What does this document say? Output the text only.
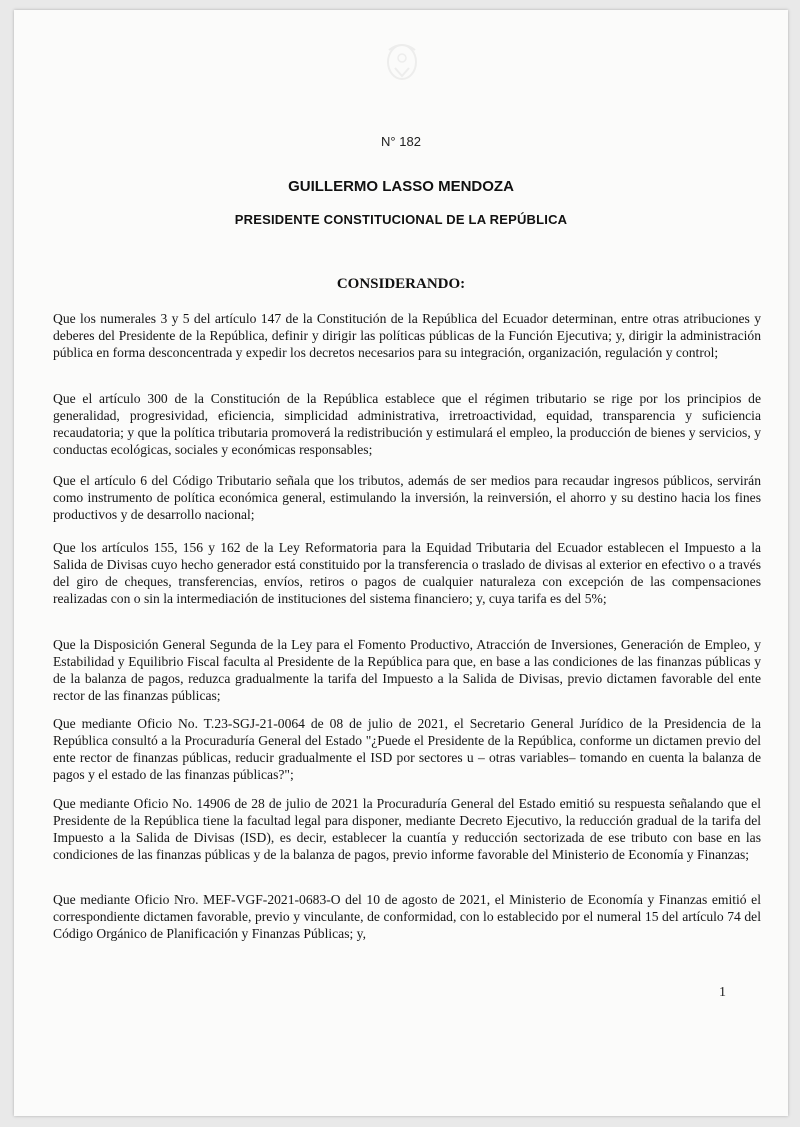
N° 182
GUILLERMO LASSO MENDOZA
PRESIDENTE CONSTITUCIONAL DE LA REPÚBLICA
CONSIDERANDO:

Que los numerales 3 y 5 del artículo 147 de la Constitución de la República del Ecuador determinan, entre otras atribuciones y deberes del Presidente de la República, definir y dirigir las políticas públicas de la Función Ejecutiva; y, dirigir la administración pública en forma desconcentrada y expedir los decretos necesarios para su integración, organización, regulación y control;

Que el artículo 300 de la Constitución de la República establece que el régimen tributario se rige por los principios de generalidad, progresividad, eficiencia, simplicidad administrativa, irretroactividad, equidad, transparencia y suficiencia recaudatoria; y que la política tributaria promoverá la redistribución y estimulará el empleo, la producción de bienes y servicios, y conductas ecológicas, sociales y económicas responsables;

Que el artículo 6 del Código Tributario señala que los tributos, además de ser medios para recaudar ingresos públicos, servirán como instrumento de política económica general, estimulando la inversión, la reinversión, el ahorro y su destino hacia los fines productivos y de desarrollo nacional;

Que los artículos 155, 156 y 162 de la Ley Reformatoria para la Equidad Tributaria del Ecuador establecen el Impuesto a la Salida de Divisas cuyo hecho generador está constituido por la transferencia o traslado de divisas al exterior en efectivo o a través del giro de cheques, transferencias, envíos, retiros o pagos de cualquier naturaleza con excepción de las compensaciones realizadas con o sin la intermediación de instituciones del sistema financiero; y, cuya tarifa es del 5%;

Que la Disposición General Segunda de la Ley para el Fomento Productivo, Atracción de Inversiones, Generación de Empleo, y Estabilidad y Equilibrio Fiscal faculta al Presidente de la República para que, en base a las condiciones de las finanzas públicas y de la balanza de pagos, reduzca gradualmente la tarifa del Impuesto a la Salida de Divisas, previo dictamen favorable del ente rector de las finanzas públicas;

Que mediante Oficio No. T.23-SGJ-21-0064 de 08 de julio de 2021, el Secretario General Jurídico de la Presidencia de la República consultó a la Procuraduría General del Estado "¿Puede el Presidente de la República, conforme un dictamen previo del ente rector de finanzas públicas, reducir gradualmente el ISD por sectores u – otras variables– tomando en cuenta la balanza de pagos y el estado de las finanzas públicas?";

Que mediante Oficio No. 14906 de 28 de julio de 2021 la Procuraduría General del Estado emitió su respuesta señalando que el Presidente de la República tiene la facultad legal para disponer, mediante Decreto Ejecutivo, la reducción gradual de la tarifa del Impuesto a la Salida de Divisas (ISD), es decir, establecer la cuantía y reducción sectorizada de ese tributo con base en las condiciones de las finanzas públicas y de la balanza de pagos, previo informe favorable del Ministerio de Economía y Finanzas;

Que mediante Oficio Nro. MEF-VGF-2021-0683-O del 10 de agosto de 2021, el Ministerio de Economía y Finanzas emitió el correspondiente dictamen favorable, previo y vinculante, de conformidad, con lo establecido por el numeral 15 del artículo 74 del Código Orgánico de Planificación y Finanzas Públicas; y,

1
